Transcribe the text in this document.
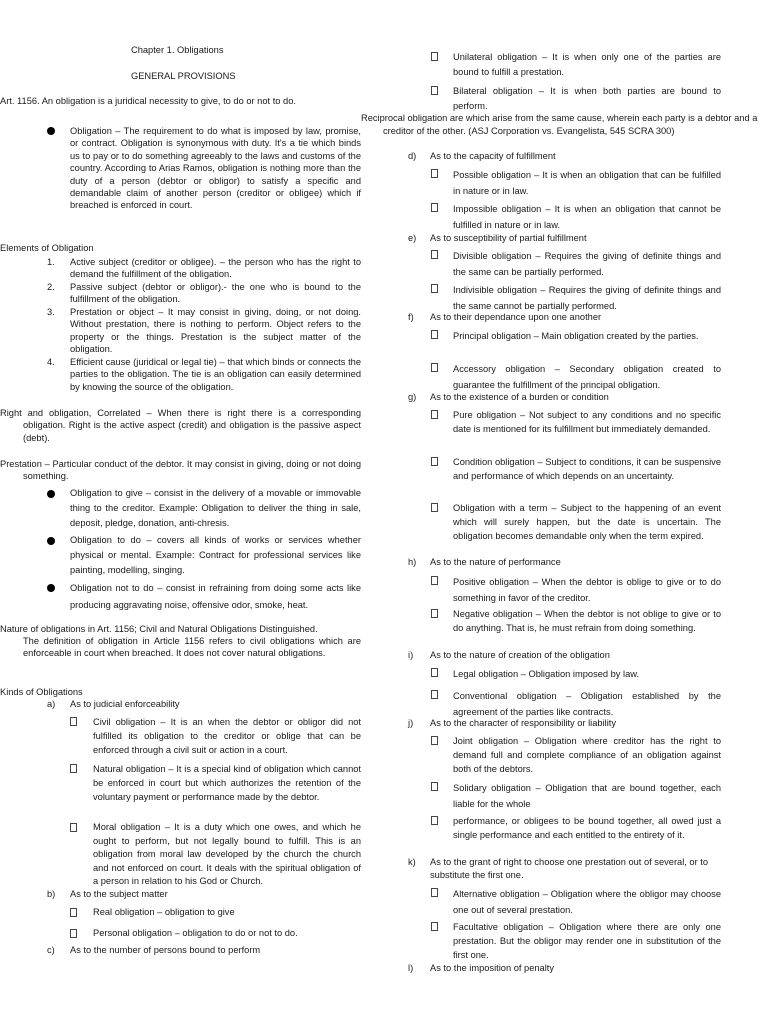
Chapter 1. Obligations

GENERAL PROVISIONS

Art. 1156. An obligation is a juridical necessity to give, to do or not to do.

Obligation – The requirement to do what is imposed by law, promise, or contract. Obligation is synonymous with duty. It's a tie which binds us to pay or to do something agreeably to the laws and customs of the country. According to Arias Ramos, obligation is nothing more than the duty of a person (debtor or obligor) to satisfy a specific and demandable claim of another person (creditor or obligee) which if breached is enforced in court.

Elements of Obligation

1. Active subject (creditor or obligee). – the person who has the right to demand the fulfillment of the obligation.

2. Passive subject (debtor or obligor).- the one who is bound to the fulfillment of the obligation.

3. Prestation or object – It may consist in giving, doing, or not doing. Without prestation, there is nothing to perform. Object refers to the property or the things. Prestation is the subject matter of the obligation.

4. Efficient cause (juridical or legal tie) – that which binds or connects the parties to the obligation. The tie is an obligation can easily determined by knowing the source of the obligation.

Right and obligation, Correlated – When there is right there is a corresponding obligation. Right is the active aspect (credit) and obligation is the passive aspect (debt).

Prestation – Particular conduct of the debtor. It may consist in giving, doing or not doing something.

Obligation to give – consist in the delivery of a movable or immovable thing to the creditor. Example: Obligation to deliver the thing in sale, deposit, pledge, donation, anti-chresis.

Obligation to do – covers all kinds of works or services whether physical or mental. Example: Contract for professional services like painting, modelling, singing.

Obligation not to do – consist in refraining from doing some acts like producing aggravating noise, offensive odor, smoke, heat.

Nature of obligations in Art. 1156; Civil and Natural Obligations Distinguished.

The definition of obligation in Article 1156 refers to civil obligations which are enforceable in court when breached. It does not cover natural obligations.

Kinds of Obligations

a) As to judicial enforceability

Civil obligation – It is an when the debtor or obligor did not fulfilled its obligation to the creditor or oblige that can be enforced through a civil suit or action in a court.

Natural obligation – It is a special kind of obligation which cannot be enforced in court but which authorizes the retention of the voluntary payment or performance made by the debtor.

Moral obligation – It is a duty which one owes, and which he ought to perform, but not legally bound to fulfill. This is an obligation from moral law developed by the church the church and not enforced on court. It deals with the spiritual obligation of a person in relation to his God or Church.

b) As to the subject matter

Real obligation – obligation to give

Personal obligation – obligation to do or not to do.

c) As to the number of persons bound to perform

Unilateral obligation – It is when only one of the parties are bound to fulfill a prestation.

Bilateral obligation – It is when both parties are bound to perform.

Reciprocal obligation are which arise from the same cause, wherein each party is a debtor and a creditor of the other. (ASJ Corporation vs. Evangelista, 545 SCRA 300)

d) As to the capacity of fulfillment

Possible obligation – It is when an obligation that can be fulfilled in nature or in law.

Impossible obligation – It is when an obligation that cannot be fulfilled in nature or in law.

e) As to susceptibility of partial fulfillment

Divisible obligation – Requires the giving of definite things and the same can be partially performed.

Indivisible obligation – Requires the giving of definite things and the same cannot be partially performed.

f) As to their dependance upon one another

Principal obligation – Main obligation created by the parties.

Accessory obligation – Secondary obligation created to guarantee the fulfillment of the principal obligation.

g) As to the existence of a burden or condition

Pure obligation – Not subject to any conditions and no specific date is mentioned for its fulfillment but immediately demanded.

Condition obligation – Subject to conditions, it can be suspensive and performance of which depends on an uncertainty.

Obligation with a term – Subject to the happening of an event which will surely happen, but the date is uncertain. The obligation becomes demandable only when the term expired.

h) As to the nature of performance

Positive obligation – When the debtor is oblige to give or to do something in favor of the creditor.

Negative obligation – When the debtor is not oblige to give or to do anything. That is, he must refrain from doing something.

i) As to the nature of creation of the obligation

Legal obligation – Obligation imposed by law.

Conventional obligation – Obligation established by the agreement of the parties like contracts.

j) As to the character of responsibility or liability

Joint obligation – Obligation where creditor has the right to demand full and complete compliance of an obligation against both of the debtors.

Solidary obligation – Obligation that are bound together, each liable for the whole

performance, or obligees to be bound together, all owed just a single performance and each entitled to the entirety of it.

k)	As to the grant of right to choose one prestation out of several, or to substitute the first one.

Alternative obligation – Obligation where the obligor may choose one out of several prestation.

Facultative obligation – Obligation where there are only one prestation. But the obligor may render one in substitution of the first one.

l) As to the imposition of penalty
